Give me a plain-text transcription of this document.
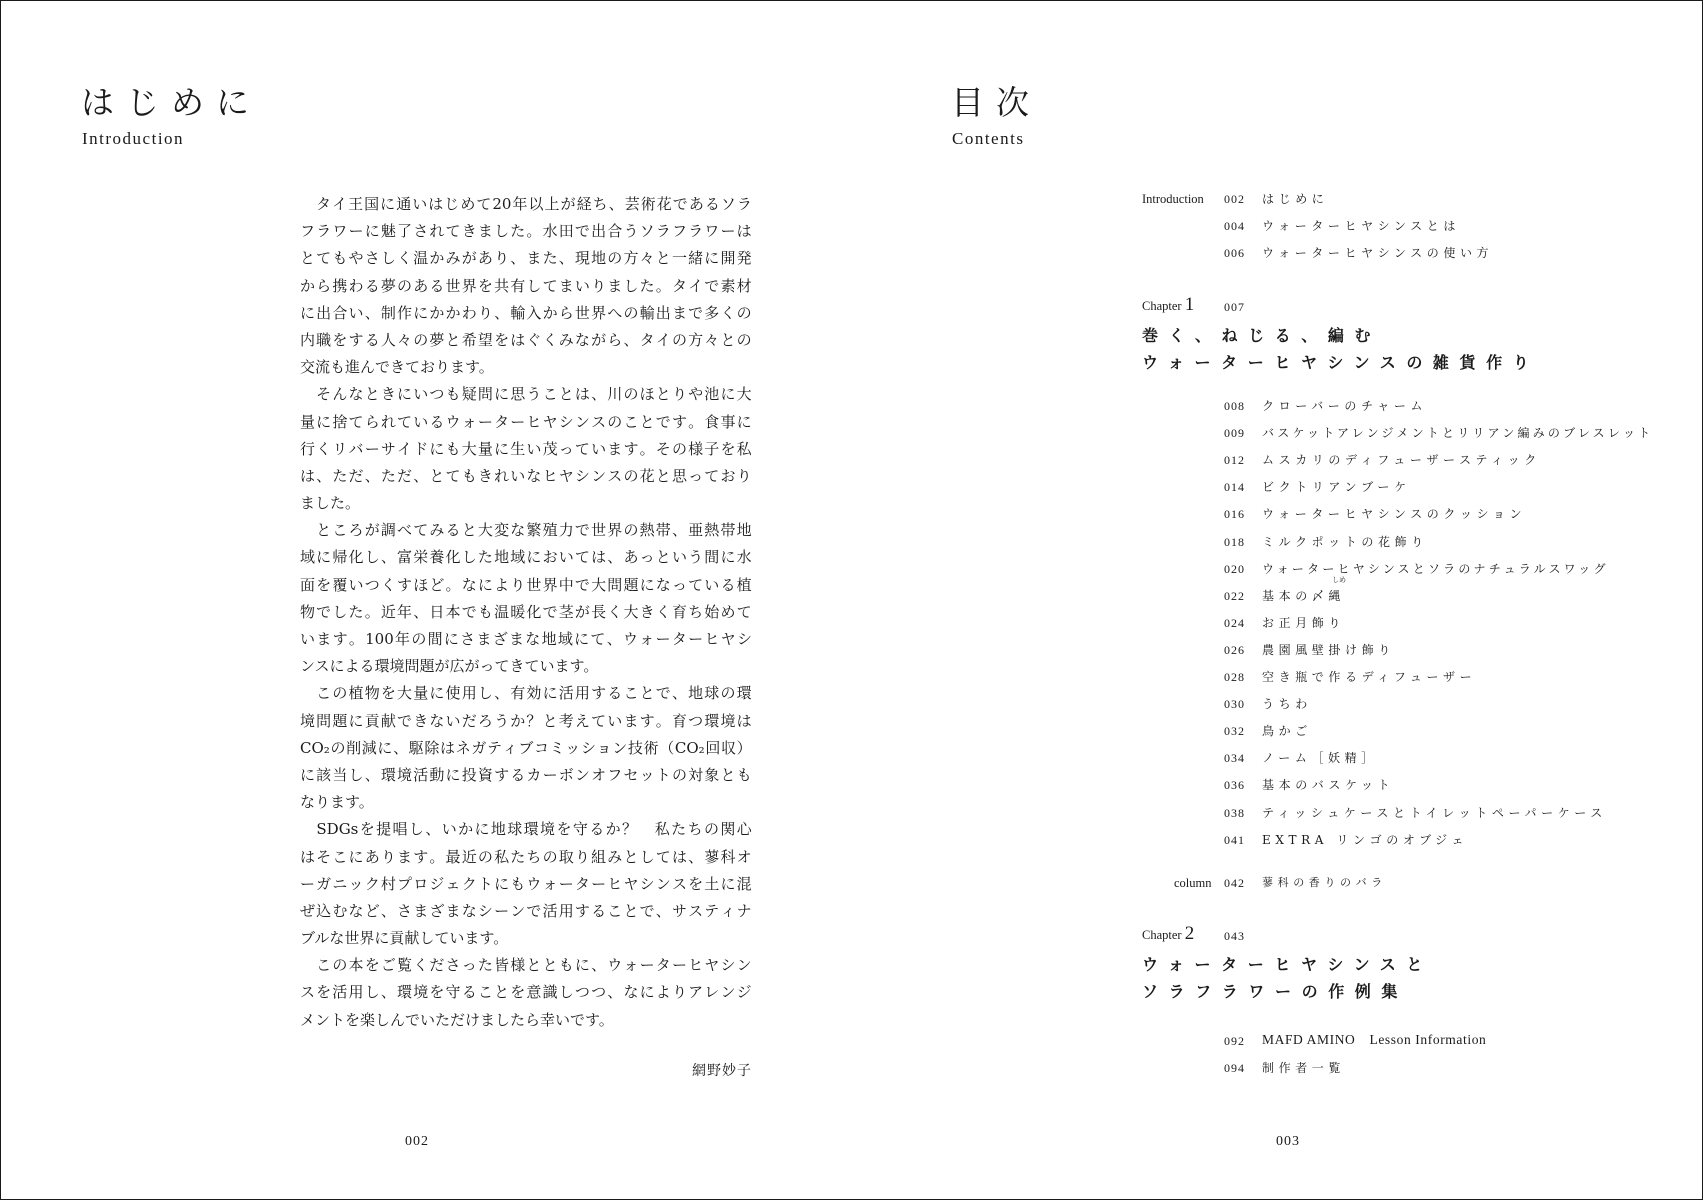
はじめに
Introduction

タ イ 王 国 に 通 い は じ め て 20 年 以 上 が 経 ち 、 芸 術 花 で あ る ソ ラ
フ ラ ワ ー に 魅 了 さ れ て き ま し た 。 水 田 で 出 合 う ソ ラ フ ラ ワ ー は
と て も や さ し く 温 か み が あ り 、 ま た 、 現 地 の 方 々 と 一 緒 に 開 発
か ら 携 わ る 夢 の あ る 世 界 を 共 有 し て ま い り ま し た 。 タ イ で 素 材
に 出 合 い 、 制 作 に か か わ り 、 輸 入 か ら 世 界 へ の 輸 出 ま で 多 く の
内 職 を す る 人 々 の 夢 と 希 望 を は ぐ く み な が ら 、 タ イ の 方 々 と の
交流も進んできております。

そ ん な と き に い つ も 疑 問 に 思 う こ と は 、 川 の ほ と り や 池 に 大
量 に 捨 て ら れ て い る ウ ォ ー タ ー ヒ ヤ シ ン ス の こ と で す 。 食 事 に
行 く リ バ ー サ イ ド に も 大 量 に 生 い 茂 っ て い ま す 。 そ の 様 子 を 私
は 、 た だ 、 た だ 、 と て も き れ い な ヒ ヤ シ ン ス の 花 と 思 っ て お り
ました。

と こ ろ が 調 べ て み る と 大 変 な 繁 殖 力 で 世 界 の 熱 帯 、 亜 熱 帯 地
域 に 帰 化 し 、 富 栄 養 化 し た 地 域 に お い て は 、 あ っ と い う 間 に 水
面 を 覆 い つ く す ほ ど 。 な に よ り 世 界 中 で 大 問 題 に な っ て い る 植
物 で し た 。 近 年 、 日 本 で も 温 暖 化 で 茎 が 長 く 大 き く 育 ち 始 め て
い ま す 。 100 年 の 間 に さ ま ざ ま な 地 域 に て 、 ウ ォ ー タ ー ヒ ヤ シ
ンスによる環境問題が広がってきています。

こ の 植 物 を 大 量 に 使 用 し 、 有 効 に 活 用 す る こ と で 、 地 球 の 環
境 問 題 に 貢 献 で き な い だ ろ う か ？ と 考 え て い ま す 。 育 つ 環 境 は
CO₂ の 削 減 に 、 駆 除 は ネ ガ テ ィ ブ コ ミ ッ シ ョ ン 技 術 （ CO₂ 回 収 ）
に 該 当 し 、 環 境 活 動 に 投 資 す る カ ー ボ ン オ フ セ ッ ト の 対 象 と も
なります。

SDGs を 提 唱 し 、 い か に 地 球 環 境 を 守 る か ？
　 私 た ち の 関 心
は そ こ に あ り ま す 。 最 近 の 私 た ち の 取 り 組 み と し て は 、 蓼 科 オ
ー ガ ニ ッ ク 村 プ ロ ジ ェ ク ト に も ウ ォ ー タ ー ヒ ヤ シ ン ス を 土 に 混
ぜ 込 む な ど 、 さ ま ざ ま な シ ー ン で 活 用 す る こ と で 、 サ ス テ ィ ナ
ブルな世界に貢献しています。

こ の 本 を ご 覧 く だ さ っ た 皆 様 と と も に 、 ウ ォ ー タ ー ヒ ヤ シ ン
ス を 活 用 し 、 環 境 を 守 る こ と を 意 識 し つ つ 、 な に よ り ア レ ン ジ
メントを楽しんでいただけましたら幸いです。
網野妙子
002
目次
Contents
Introduction 002 はじめに
004 ウォーターヒヤシンスとは
006 ウォーターヒヤシンスの使い方
Chapter 1 007
巻く、ねじる、編む
ウォーターヒヤシンスの雑貨作り
008 クローバーのチャーム
009 バスケットアレンジメントとリリアン編みのブレスレット
012 ムスカリのディフューザースティック
014 ビクトリアンブーケ
016 ウォーターヒヤシンスのクッション
018 ミルクポットの花飾り
020 ウォーターヒヤシンスとソラのナチュラルスワッグ
022 基本の〆縄
しめ
024 お正月飾り
026 農園風壁掛け飾り
028 空き瓶で作るディフューザー
030 うちわ
032 鳥かご
034 ノーム［妖精］
036 基本のバスケット
038 ティッシュケースとトイレットペーパーケース
041 EXTRA リンゴのオブジェ
column 042 蓼科の香りのバラ
Chapter 2 043
ウォーターヒヤシンスと
ソラフラワーの作例集
092 MAFD AMINO　Lesson Information
094 制作者一覧
003
